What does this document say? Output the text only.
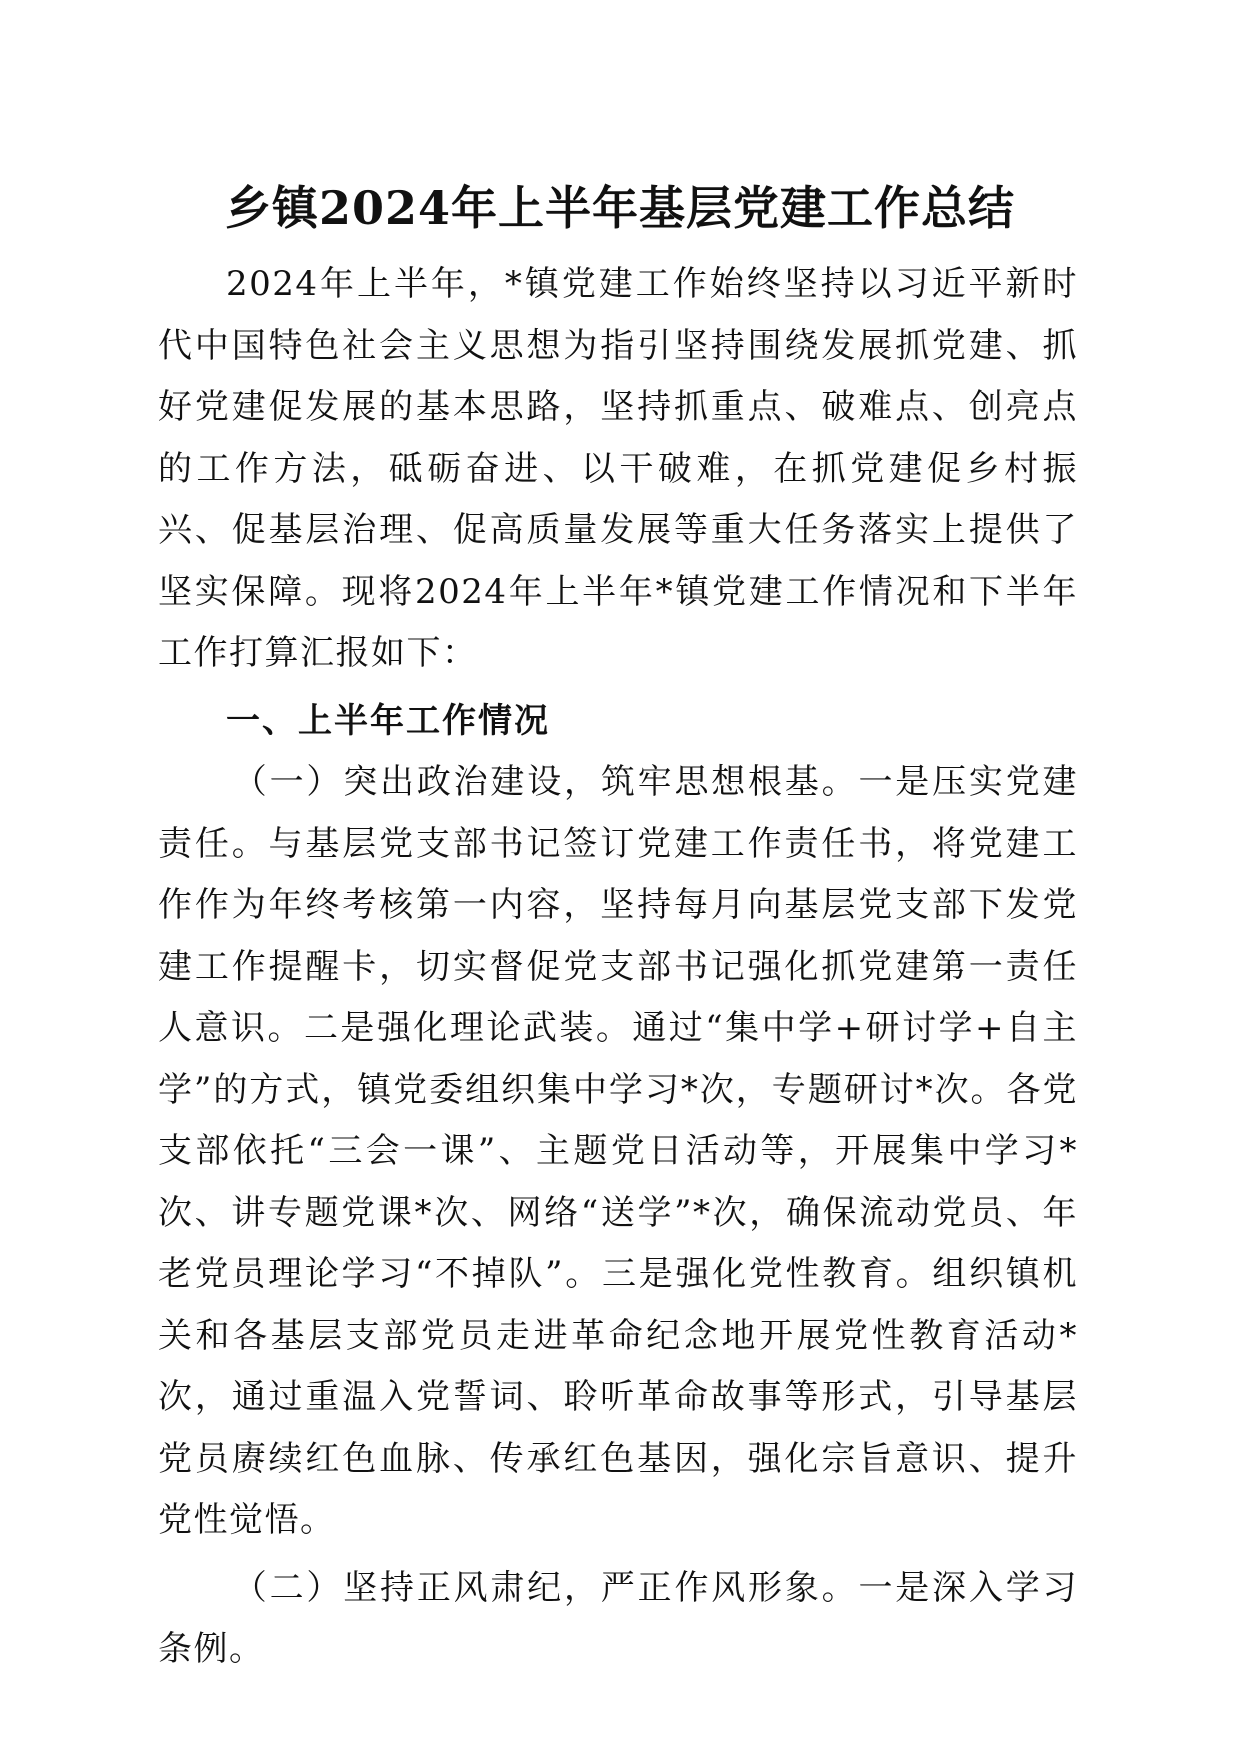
乡镇2024年上半年基层党建工作总结

2024年上半年，*镇党建工作始终坚持以习近平新时代中国特色社会主义思想为指引坚持围绕发展抓党建、抓好党建促发展的基本思路，坚持抓重点、破难点、创亮点的工作方法，砥砺奋进、以干破难，在抓党建促乡村振兴、促基层治理、促高质量发展等重大任务落实上提供了坚实保障。现将2024年上半年*镇党建工作情况和下半年工作打算汇报如下：

一、上半年工作情况

（一）突出政治建设，筑牢思想根基。一是压实党建责任。与基层党支部书记签订党建工作责任书，将党建工作作为年终考核第一内容，坚持每月向基层党支部下发党建工作提醒卡，切实督促党支部书记强化抓党建第一责任人意识。二是强化理论武装。通过“集中学+研讨学+自主学”的方式，镇党委组织集中学习*次，专题研讨*次。各党支部依托“三会一课”、主题党日活动等，开展集中学习*次、讲专题党课*次、网络“送学”*次，确保流动党员、年老党员理论学习“不掉队”。三是强化党性教育。组织镇机关和各基层支部党员走进革命纪念地开展党性教育活动*次，通过重温入党誓词、聆听革命故事等形式，引导基层党员赓续红色血脉、传承红色基因，强化宗旨意识、提升党性觉悟。

（二）坚持正风肃纪，严正作风形象。一是深入学习条例。
